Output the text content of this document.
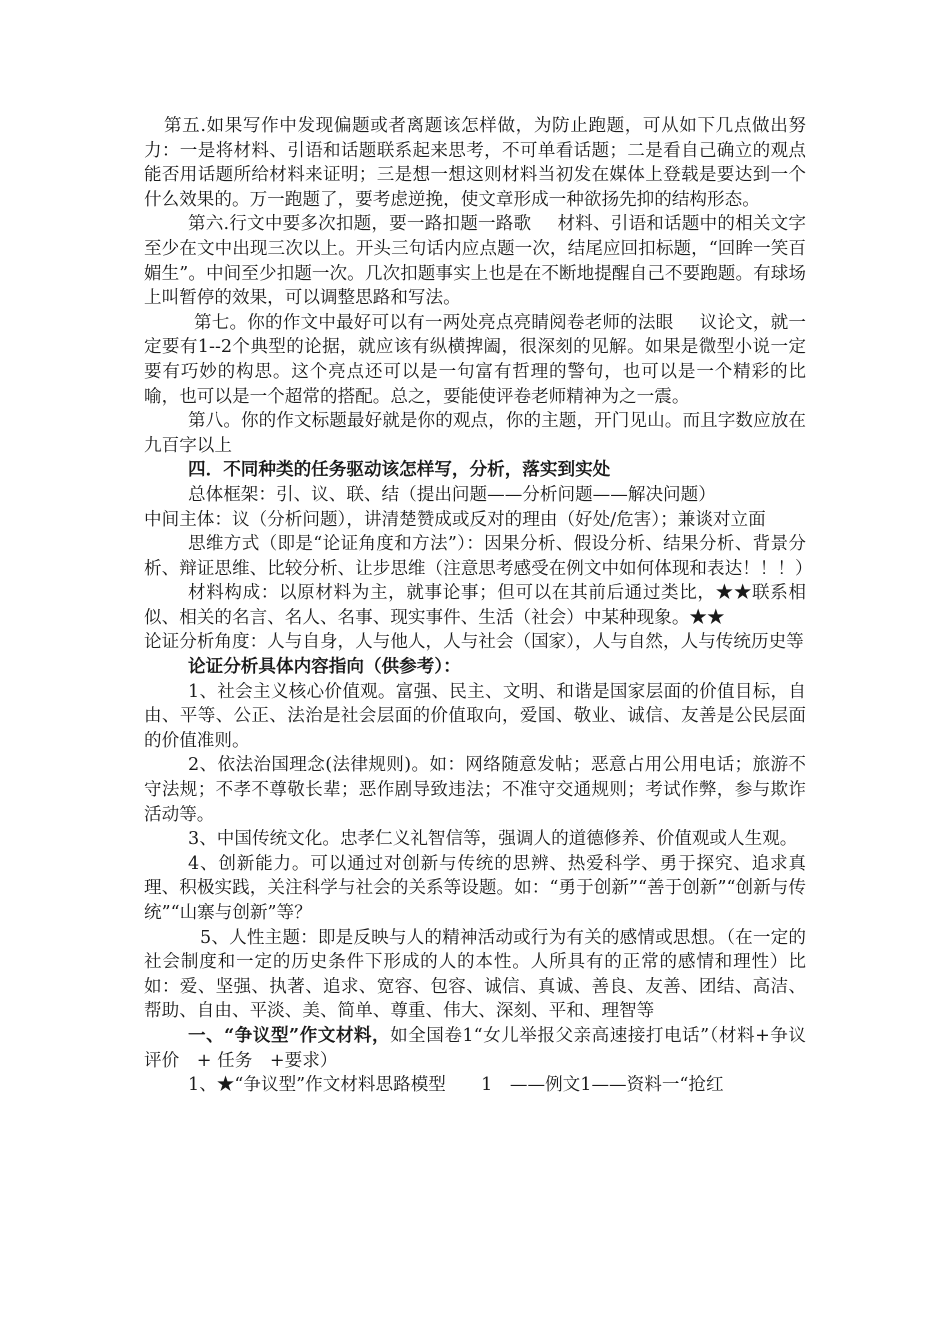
第五.如果写作中发现偏题或者离题该怎样做，为防止跑题，可从如下几点做出努力：一是将材料、引语和话题联系起来思考，不可单看话题；二是看自己确立的观点能否用话题所给材料来证明；三是想一想这则材料当初发在媒体上登载是要达到一个什么效果的。万一跑题了，要考虑逆挽，使文章形成一种欲扬先抑的结构形态。

第六.行文中要多次扣题，要一路扣题一路歌 材料、引语和话题中的相关文字至少在文中出现三次以上。开头三句话内应点题一次，结尾应回扣标题，“回眸一笑百媚生”。中间至少扣题一次。几次扣题事实上也是在不断地提醒自己不要跑题。有球场上叫暂停的效果，可以调整思路和写法。

第七。你的作文中最好可以有一两处亮点亮睛阅卷老师的法眼 议论文，就一定要有1--2个典型的论据，就应该有纵横捭阖，很深刻的见解。如果是微型小说一定要有巧妙的构思。这个亮点还可以是一句富有哲理的警句，也可以是一个精彩的比喻，也可以是一个超常的搭配。总之，要能使评卷老师精神为之一震。

第八。你的作文标题最好就是你的观点，你的主题，开门见山。而且字数应放在九百字以上

四．不同种类的任务驱动该怎样写，分析，落实到实处

总体框架：引、议、联、结（提出问题——分析问题——解决问题）

中间主体：议（分析问题），讲清楚赞成或反对的理由（好处/危害）；兼谈对立面

思维方式（即是“论证角度和方法”）：因果分析、假设分析、结果分析、背景分析、辩证思维、比较分析、让步思维（注意思考感受在例文中如何体现和表达！！！）

材料构成：以原材料为主，就事论事；但可以在其前后通过类比，★★联系相似、相关的名言、名人、名事、现实事件、生活（社会）中某种现象。★★

论证分析角度：人与自身，人与他人，人与社会（国家），人与自然，人与传统历史等

论证分析具体内容指向（供参考）：

1、社会主义核心价值观。富强、民主、文明、和谐是国家层面的价值目标，自由、平等、公正、法治是社会层面的价值取向，爱国、敬业、诚信、友善是公民层面的价值准则。

2、依法治国理念(法律规则)。如：网络随意发帖；恶意占用公用电话；旅游不守法规；不孝不尊敬长辈；恶作剧导致违法；不准守交通规则；考试作弊，参与欺诈活动等。

3、中国传统文化。忠孝仁义礼智信等，强调人的道德修养、价值观或人生观。

4、创新能力。可以通过对创新与传统的思辨、热爱科学、勇于探究、追求真理、积极实践，关注科学与社会的关系等设题。如：“勇于创新”“善于创新”“创新与传统”“山寨与创新”等？

5、人性主题：即是反映与人的精神活动或行为有关的感情或思想。（在一定的社会制度和一定的历史条件下形成的人的本性。人所具有的正常的感情和理性）比如：爱、坚强、执著、追求、宽容、包容、诚信、真诚、善良、友善、团结、高洁、帮助、自由、平淡、美、简单、尊重、伟大、深刻、平和、理智等

一、“争议型”作文材料，如全国卷1“女儿举报父亲高速接打电话”（材料+争议评价　+ 任务　+要求）

1、★“争议型”作文材料思路模型　　1　——例文1——资料一“抢红
